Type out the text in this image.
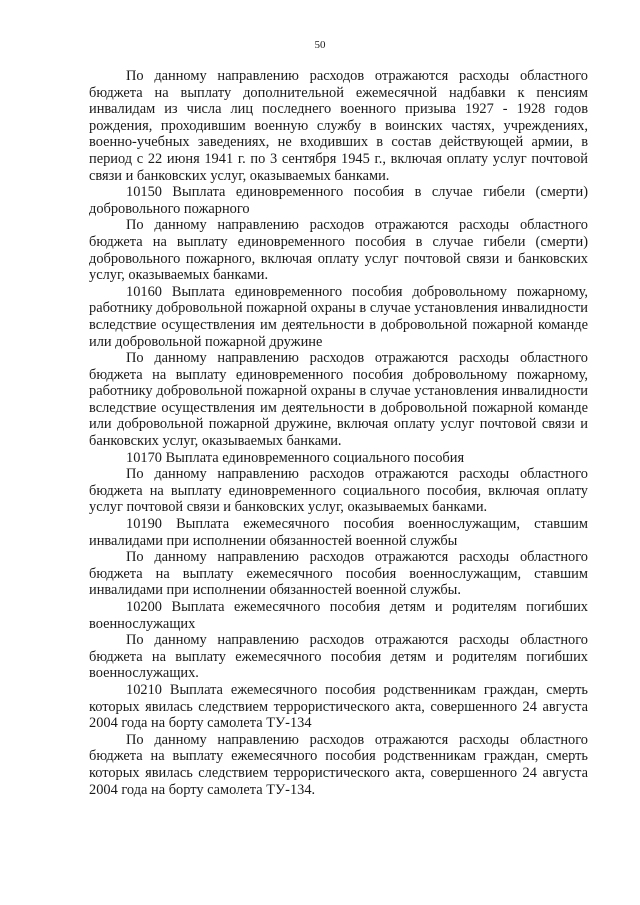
50

По данному направлению расходов отражаются расходы областного бюджета на выплату дополнительной ежемесячной надбавки к пенсиям инвалидам из числа лиц последнего военного призыва 1927 - 1928 годов рождения, проходившим военную службу в воинских частях, учреждениях, военно-учебных заведениях, не входивших в состав действующей армии, в период с 22 июня 1941 г. по 3 сентября 1945 г., включая оплату услуг почтовой связи и банковских услуг, оказываемых банками.

10150 Выплата единовременного пособия в случае гибели (смерти) добровольного пожарного

По данному направлению расходов отражаются расходы областного бюджета на выплату единовременного пособия в случае гибели (смерти) добровольного пожарного, включая оплату услуг почтовой связи и банковских услуг, оказываемых банками.

10160 Выплата единовременного пособия добровольному пожарному, работнику добровольной пожарной охраны в случае установления инвалидности вследствие осуществления им деятельности в добровольной пожарной команде или добровольной пожарной дружине

По данному направлению расходов отражаются расходы областного бюджета на выплату единовременного пособия добровольному пожарному, работнику добровольной пожарной охраны в случае установления инвалидности вследствие осуществления им деятельности в добровольной пожарной команде или добровольной пожарной дружине, включая оплату услуг почтовой связи и банковских услуг, оказываемых банками.

10170 Выплата единовременного социального пособия

По данному направлению расходов отражаются расходы областного бюджета на выплату единовременного социального пособия, включая оплату услуг почтовой связи и банковских услуг, оказываемых банками.

10190 Выплата ежемесячного пособия военнослужащим, ставшим инвалидами при исполнении обязанностей военной службы

По данному направлению расходов отражаются расходы областного бюджета на выплату ежемесячного пособия военнослужащим, ставшим инвалидами при исполнении обязанностей военной службы.

10200 Выплата ежемесячного пособия детям и родителям погибших военнослужащих

По данному направлению расходов отражаются расходы областного бюджета на выплату ежемесячного пособия детям и родителям погибших военнослужащих.

10210 Выплата ежемесячного пособия родственникам граждан, смерть которых явилась следствием террористического акта, совершенного 24 августа 2004 года на борту самолета ТУ-134

По данному направлению расходов отражаются расходы областного бюджета на выплату ежемесячного пособия родственникам граждан, смерть которых явилась следствием террористического акта, совершенного 24 августа 2004 года на борту самолета ТУ-134.
